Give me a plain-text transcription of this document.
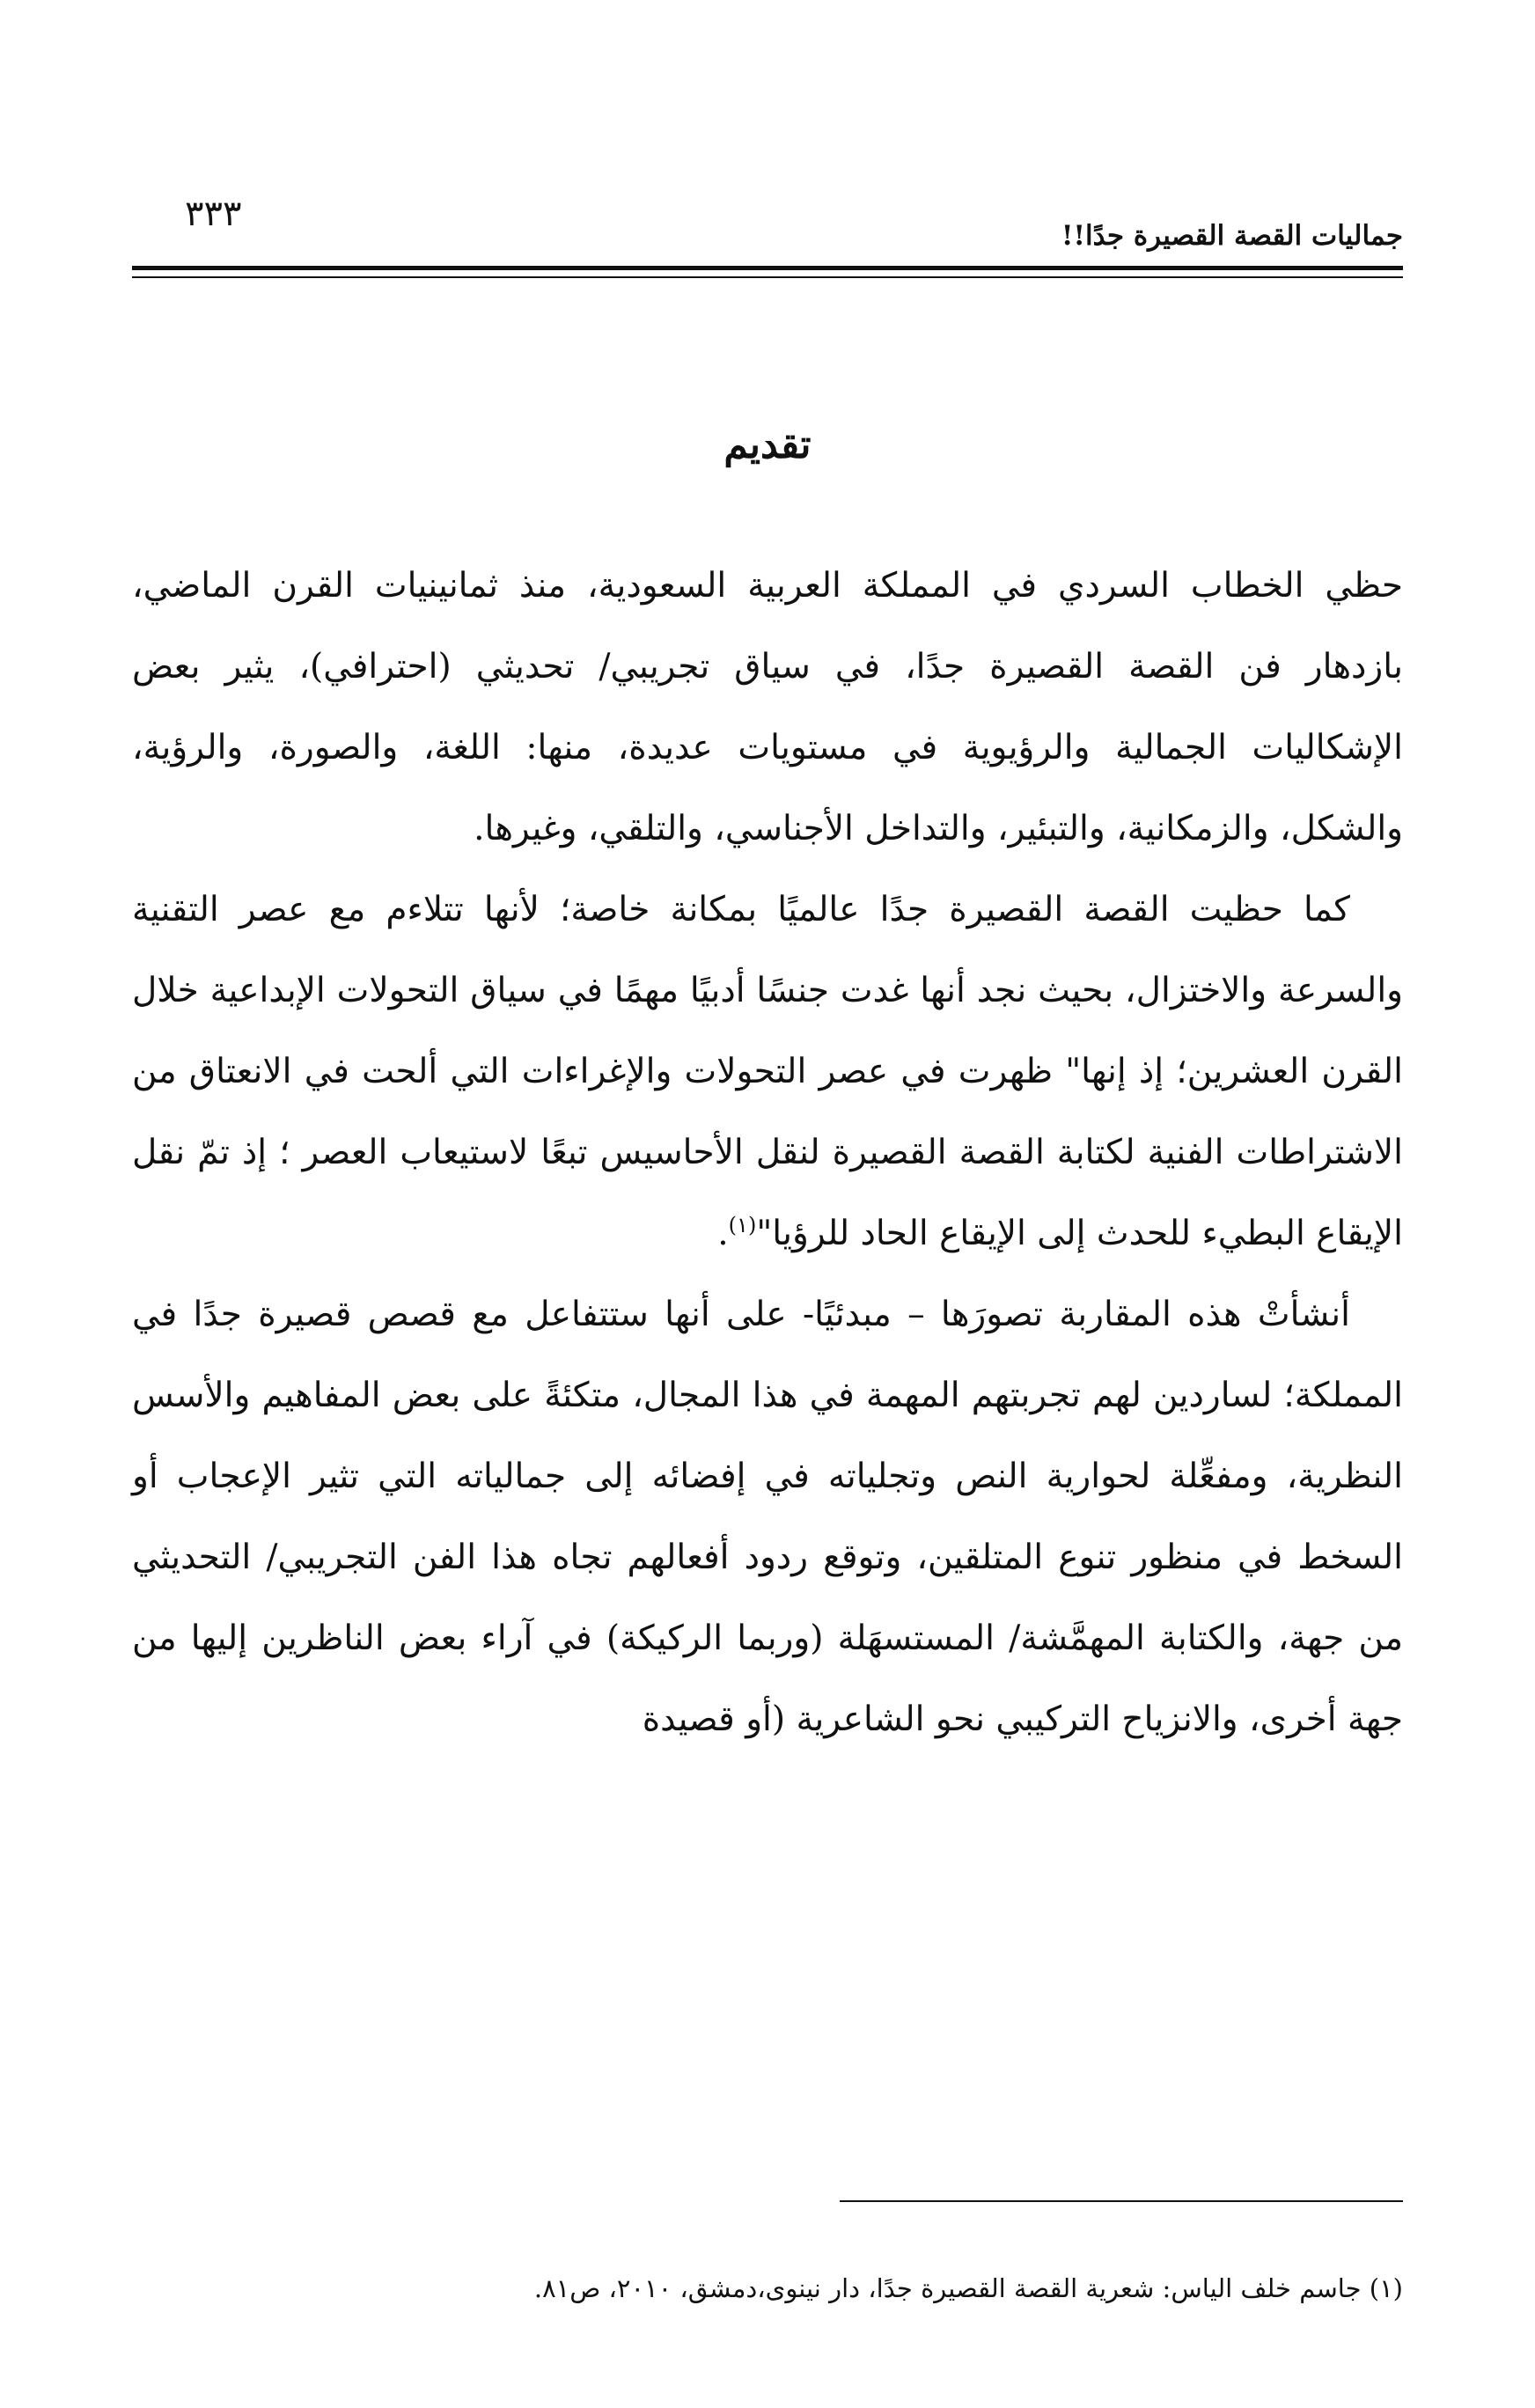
جماليات القصة القصيرة جدًا!!
٣٣٣
تقديم

حظي الخطاب السردي في المملكة العربية السعودية، منذ ثمانينيات القرن الماضي، بازدهار فن القصة القصيرة جدًا، في سياق تجريبي/ تحديثي (احترافي)، يثير بعض الإشكاليات الجمالية والرؤيوية في مستويات عديدة، منها: اللغة، والصورة، والرؤية، والشكل، والزمكانية، والتبئير، والتداخل الأجناسي، والتلقي، وغيرها.

كما حظيت القصة القصيرة جدًا عالميًا بمكانة خاصة؛ لأنها تتلاءم مع عصر التقنية والسرعة والاختزال، بحيث نجد أنها غدت جنسًا أدبيًا مهمًا في سياق التحولات الإبداعية خلال القرن العشرين؛ إذ إنها" ظهرت في عصر التحولات والإغراءات التي ألحت في الانعتاق من الاشتراطات الفنية لكتابة القصة القصيرة لنقل الأحاسيس تبعًا لاستيعاب العصر ؛ إذ تمّ نقل الإيقاع البطيء للحدث إلى الإيقاع الحاد للرؤيا"$^{(١)}$.

أنشأتْ هذه المقاربة تصورَها – مبدئيًا- على أنها ستتفاعل مع قصص قصيرة جدًا في المملكة؛ لساردين لهم تجربتهم المهمة في هذا المجال، متكئةً على بعض المفاهيم والأسس النظرية، ومفعِّلة لحوارية النص وتجلياته في إفضائه إلى جمالياته التي تثير الإعجاب أو السخط في منظور تنوع المتلقين، وتوقع ردود أفعالهم تجاه هذا الفن التجريبي/ التحديثي من جهة، والكتابة المهمَّشة/ المستسهَلة (وربما الركيكة) في آراء بعض الناظرين إليها من جهة أخرى، والانزياح التركيبي نحو الشاعرية (أو قصيدة

(١) جاسم خلف الياس: شعرية القصة القصيرة جدًا، دار نينوى،دمشق، ٢٠١٠، ص٨١.
